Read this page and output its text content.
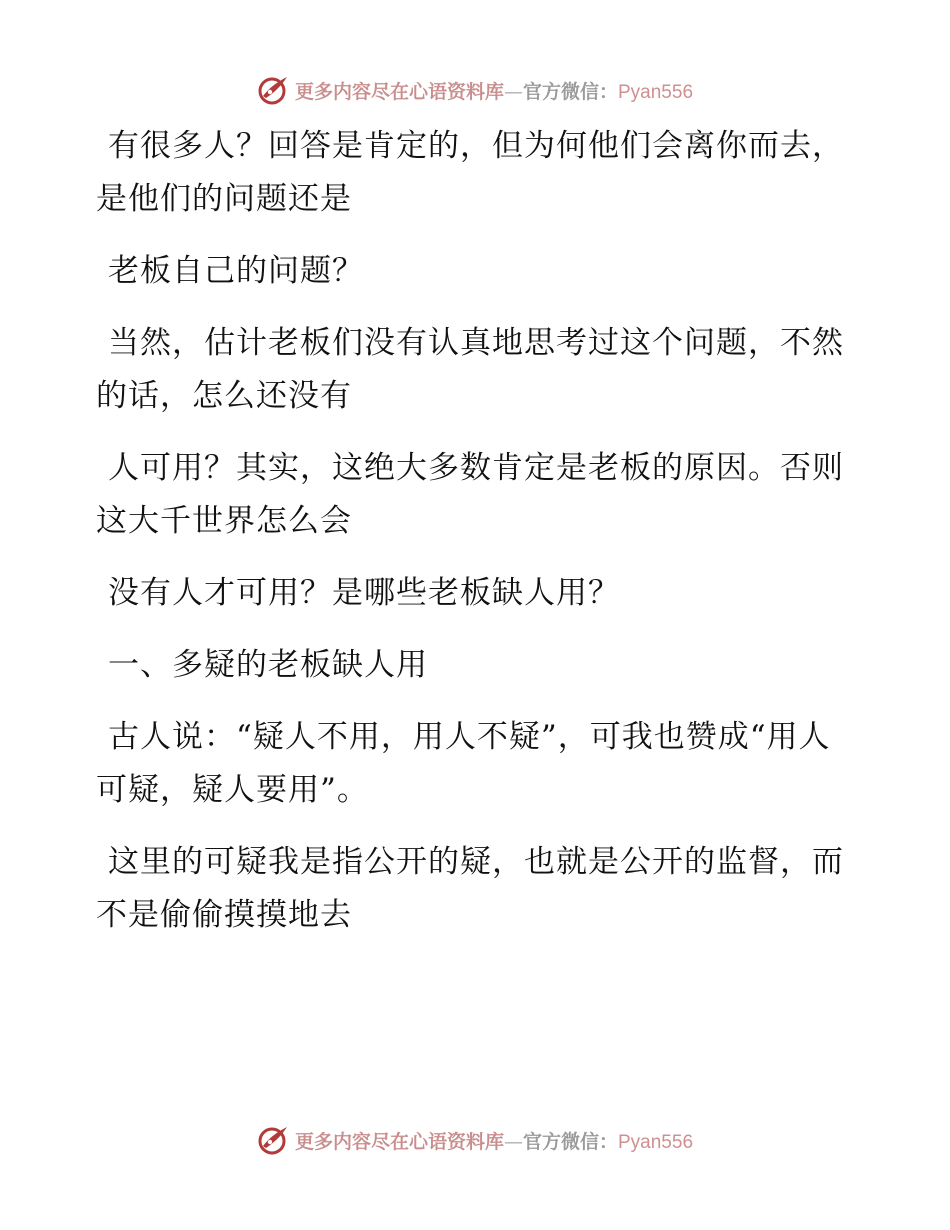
更多内容尽在心语资料库—官方微信：Pyan556

有很多人？回答是肯定的，但为何他们会离你而去，是他们的问题还是

老板自己的问题？

当然，估计老板们没有认真地思考过这个问题，不然的话，怎么还没有

人可用？其实，这绝大多数肯定是老板的原因。否则这大千世界怎么会

没有人才可用？是哪些老板缺人用？

一、多疑的老板缺人用

古人说：“疑人不用，用人不疑”，可我也赞成“用人可疑，疑人要用”。

这里的可疑我是指公开的疑，也就是公开的监督，而不是偷偷摸摸地去

更多内容尽在心语资料库—官方微信：Pyan556
